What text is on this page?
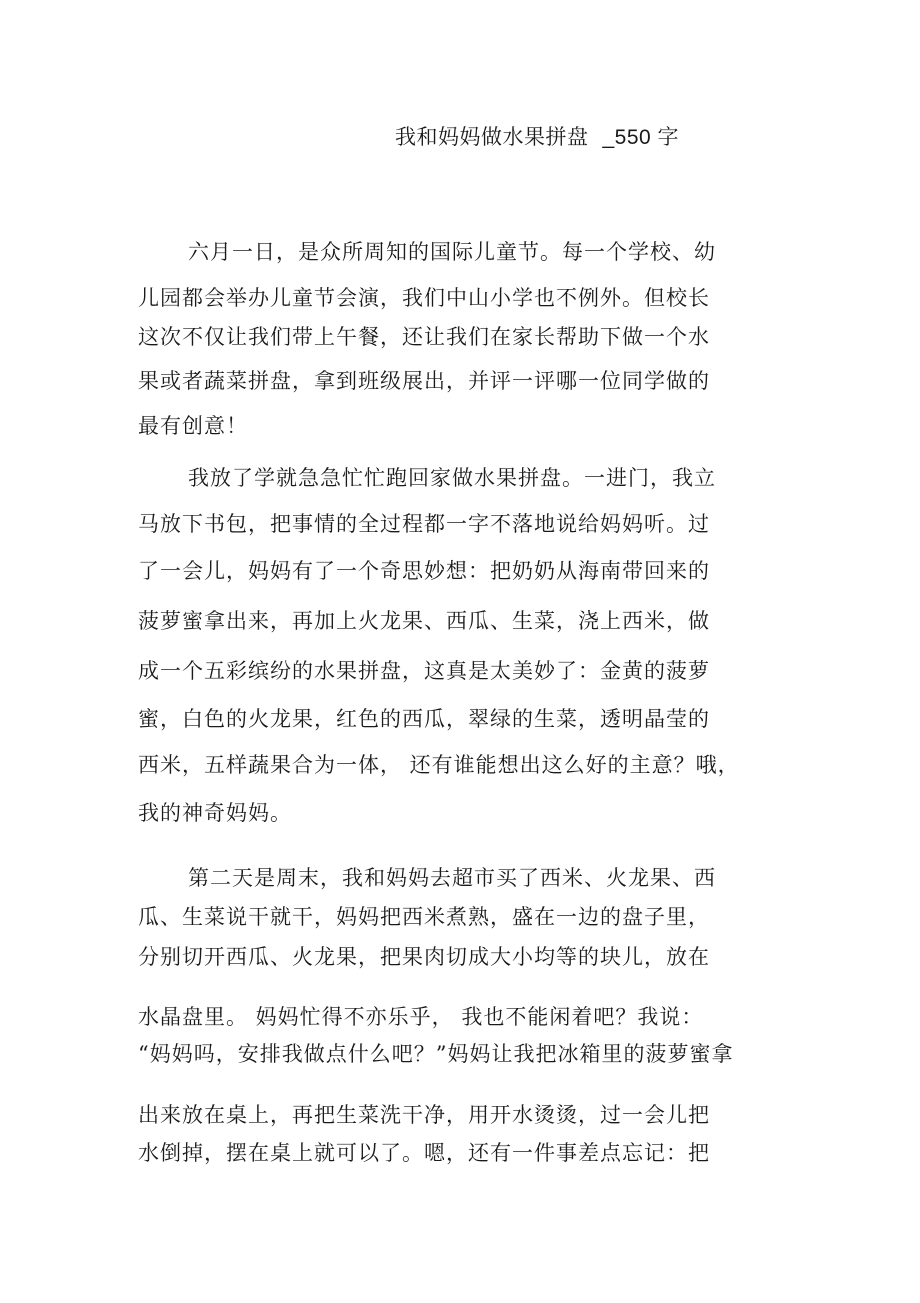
我和妈妈做水果拼盘 _550 字
六月一日，是众所周知的国际儿童节。每一个学校、幼
儿园都会举办儿童节会演，我们中山小学也不例外。但校长
这次不仅让我们带上午餐，还让我们在家长帮助下做一个水
果或者蔬菜拼盘，拿到班级展出，并评一评哪一位同学做的
最有创意！
我放了学就急急忙忙跑回家做水果拼盘。一进门，我立
马放下书包，把事情的全过程都一字不落地说给妈妈听。过
了一会儿，妈妈有了一个奇思妙想：把奶奶从海南带回来的
菠萝蜜拿出来，再加上火龙果、西瓜、生菜，浇上西米，做
成一个五彩缤纷的水果拼盘，这真是太美妙了：金黄的菠萝
蜜，白色的火龙果，红色的西瓜，翠绿的生菜，透明晶莹的
西米，五样蔬果合为一体， 还有谁能想出这么好的主意？哦，
我的神奇妈妈。
第二天是周末，我和妈妈去超市买了西米、火龙果、西
瓜、生菜说干就干，妈妈把西米煮熟，盛在一边的盘子里，
分别切开西瓜、火龙果，把果肉切成大小均等的块儿，放在
水晶盘里。 妈妈忙得不亦乐乎， 我也不能闲着吧？我说：
“妈妈吗，安排我做点什么吧？”妈妈让我把冰箱里的菠萝蜜拿
出来放在桌上，再把生菜洗干净，用开水烫烫，过一会儿把
水倒掉，摆在桌上就可以了。嗯，还有一件事差点忘记：把
